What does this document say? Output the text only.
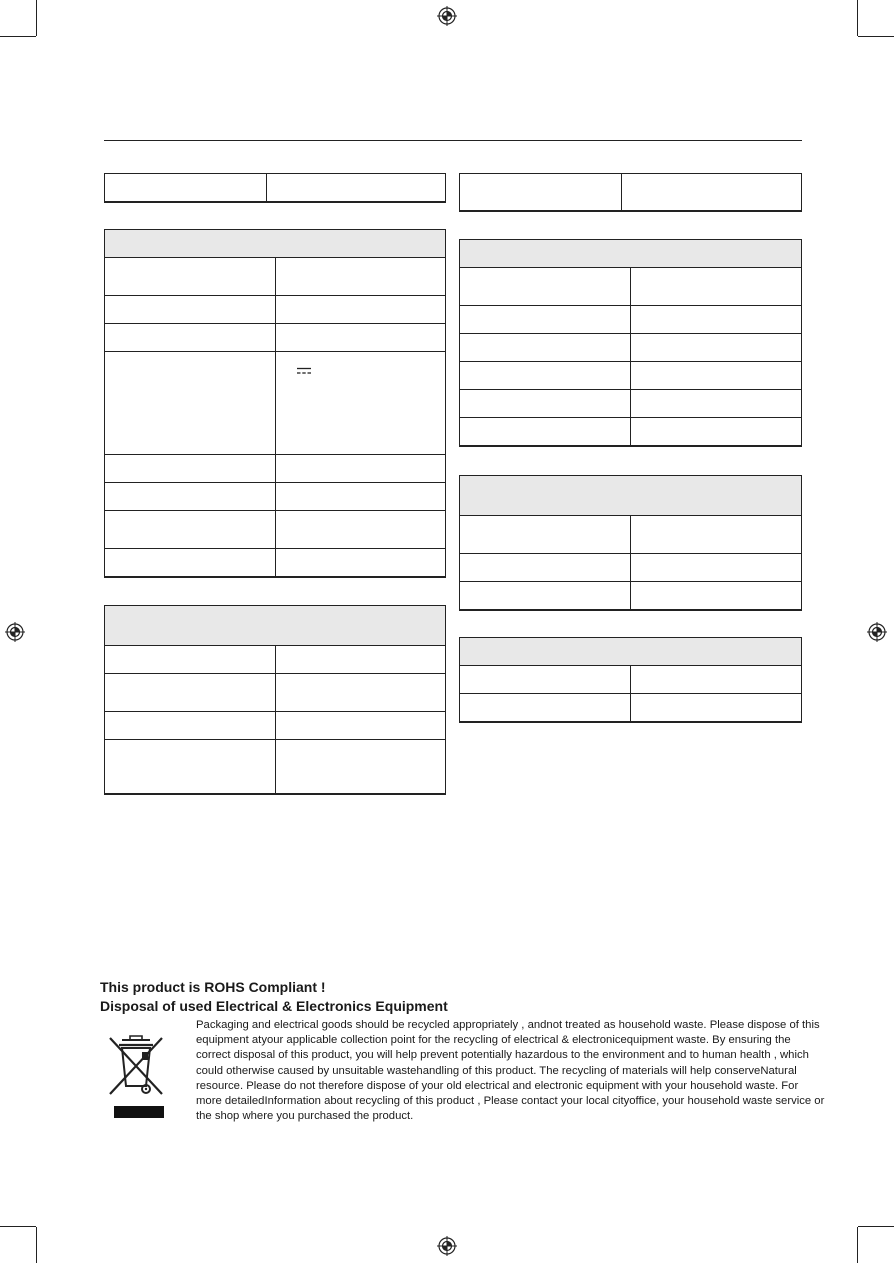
This product is ROHS Compliant !

Disposal of used Electrical & Electronics Equipment

Packaging and electrical goods should be recycled appropriately , andnot treated as household waste. Please dispose of this equipment atyour applicable collection point for the recycling of electrical & electronicequipment waste. By ensuring the correct disposal of this product, you will help prevent potentially hazardous to the environment and to human health , which could otherwise caused by unsuitable wastehandling of this product. The recycling of materials will help conserveNatural resource. Please do not therefore dispose of your old electrical and electronic equipment with your household waste. For more detailedInformation about recycling of this product , Please contact your local cityoffice, your household waste service or the shop where you purchased the product.
